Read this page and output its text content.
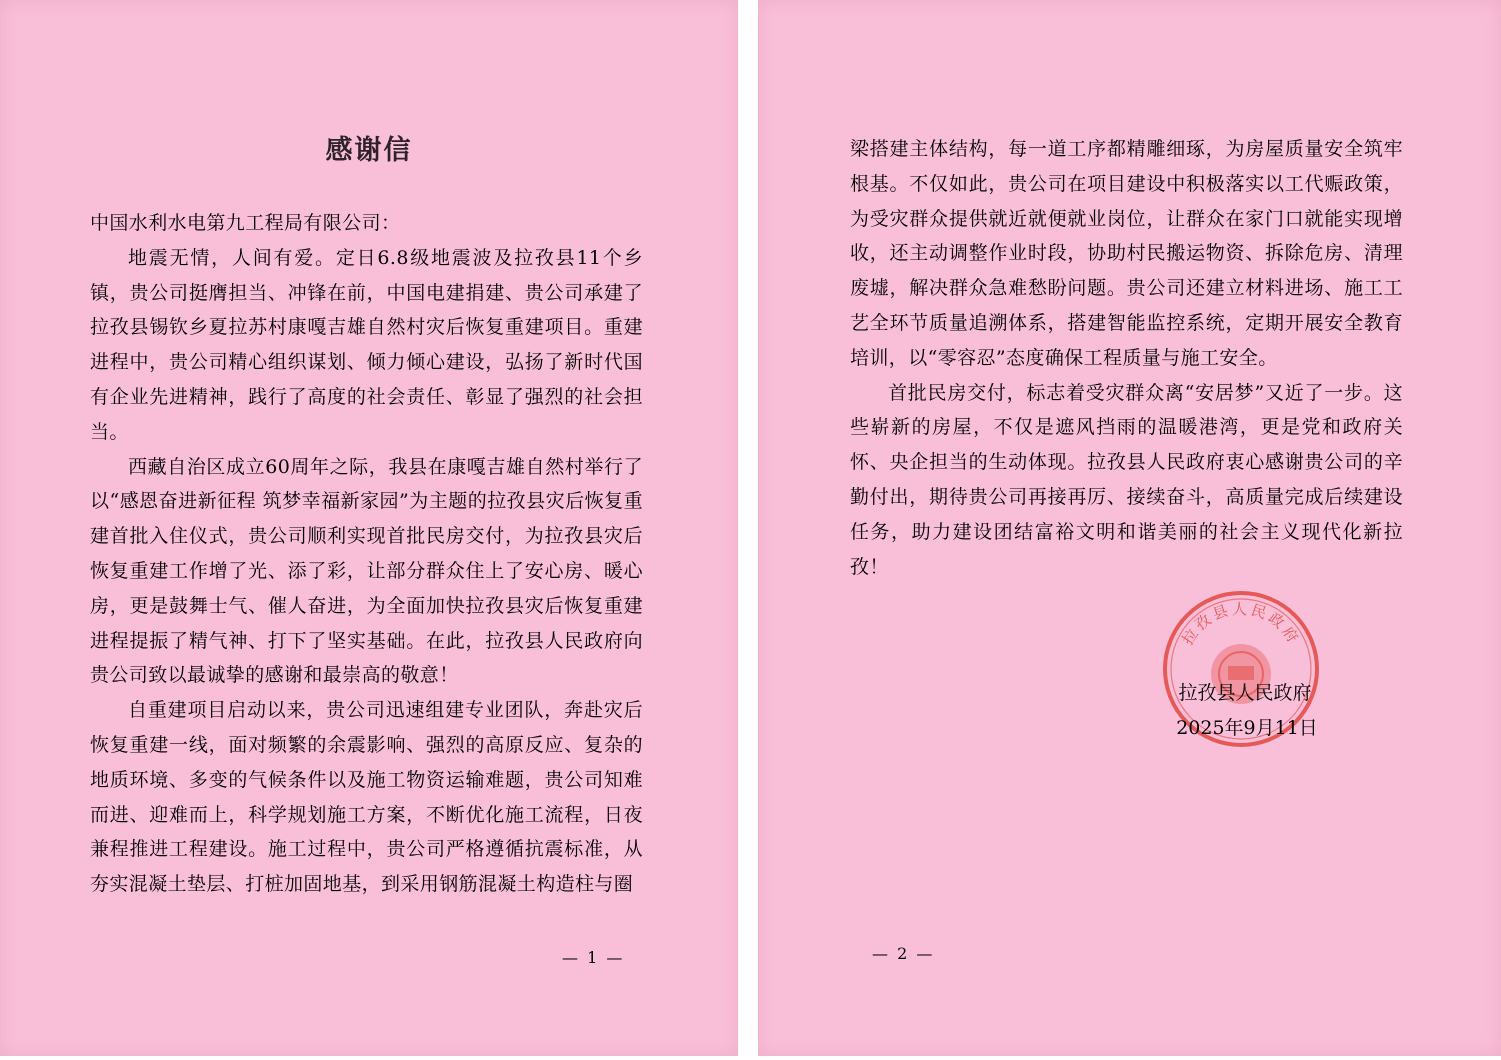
感谢信

中国水利水电第九工程局有限公司：

地震无情，人间有爱。定日6.8级地震波及拉孜县11个乡镇，贵公司挺膺担当、冲锋在前，中国电建捐建、贵公司承建了拉孜县锡钦乡夏拉苏村康嘎吉雄自然村灾后恢复重建项目。重建进程中，贵公司精心组织谋划、倾力倾心建设，弘扬了新时代国有企业先进精神，践行了高度的社会责任、彰显了强烈的社会担当。

西藏自治区成立60周年之际，我县在康嘎吉雄自然村举行了以“感恩奋进新征程 筑梦幸福新家园”为主题的拉孜县灾后恢复重建首批入住仪式，贵公司顺利实现首批民房交付，为拉孜县灾后恢复重建工作增了光、添了彩，让部分群众住上了安心房、暖心房，更是鼓舞士气、催人奋进，为全面加快拉孜县灾后恢复重建进程提振了精气神、打下了坚实基础。在此，拉孜县人民政府向贵公司致以最诚挚的感谢和最崇高的敬意！

自重建项目启动以来，贵公司迅速组建专业团队，奔赴灾后恢复重建一线，面对频繁的余震影响、强烈的高原反应、复杂的地质环境、多变的气候条件以及施工物资运输难题，贵公司知难而进、迎难而上，科学规划施工方案，不断优化施工流程，日夜兼程推进工程建设。施工过程中，贵公司严格遵循抗震标准，从夯实混凝土垫层、打桩加固地基，到采用钢筋混凝土构造柱与圈

— 1 —

梁搭建主体结构，每一道工序都精雕细琢，为房屋质量安全筑牢根基。不仅如此，贵公司在项目建设中积极落实以工代赈政策，为受灾群众提供就近就便就业岗位，让群众在家门口就能实现增收，还主动调整作业时段，协助村民搬运物资、拆除危房、清理废墟，解决群众急难愁盼问题。贵公司还建立材料进场、施工工艺全环节质量追溯体系，搭建智能监控系统，定期开展安全教育培训，以“零容忍”态度确保工程质量与施工安全。

首批民房交付，标志着受灾群众离“安居梦”又近了一步。这些崭新的房屋，不仅是遮风挡雨的温暖港湾，更是党和政府关怀、央企担当的生动体现。拉孜县人民政府衷心感谢贵公司的辛勤付出，期待贵公司再接再厉、接续奋斗，高质量完成后续建设任务，助力建设团结富裕文明和谐美丽的社会主义现代化新拉孜！

拉孜县人民政府
拉孜县人民政府
2025年9月11日
— 2 —
